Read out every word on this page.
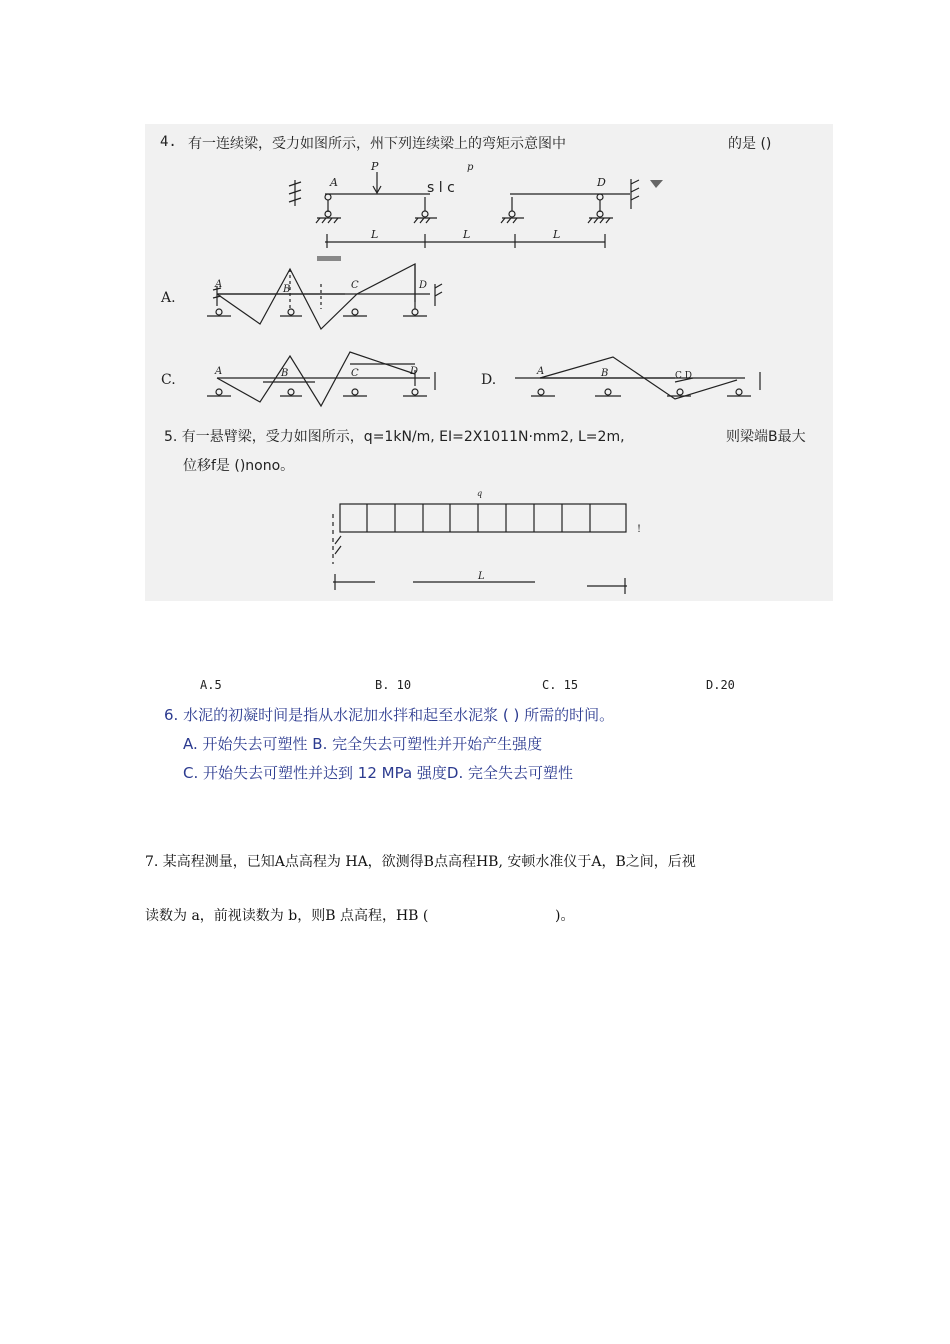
4. 有一连续梁，受力如图所示，州下列连续梁上的弯矩示意图中	的是 ()
P	p
s l c
A	D
L	L	L
A.
A	B	C	D
C.
A	B	C	D
D.
A	B	C D
q
L
!
5. 有一悬臂梁，受力如图所示，q=1kN/m, EI=2X1011N·mm2, L=2m,	则梁端B最大
位移f是 ()nono。
A.5	B. 10	C. 15	D.20
6. 水泥的初凝时间是指从水泥加水拌和起至水泥浆 ( ) 所需的时间。
A. 开始失去可塑性 B. 完全失去可塑性并开始产生强度
C. 开始失去可塑性并达到 12 MPa 强度D. 完全失去可塑性
7. 某高程测量，已知A点高程为 HA，欲测得B点高程HB, 安顿水准仪于A，B之间，后视
读数为 a，前视读数为 b，则B 点高程，HB (	)。
